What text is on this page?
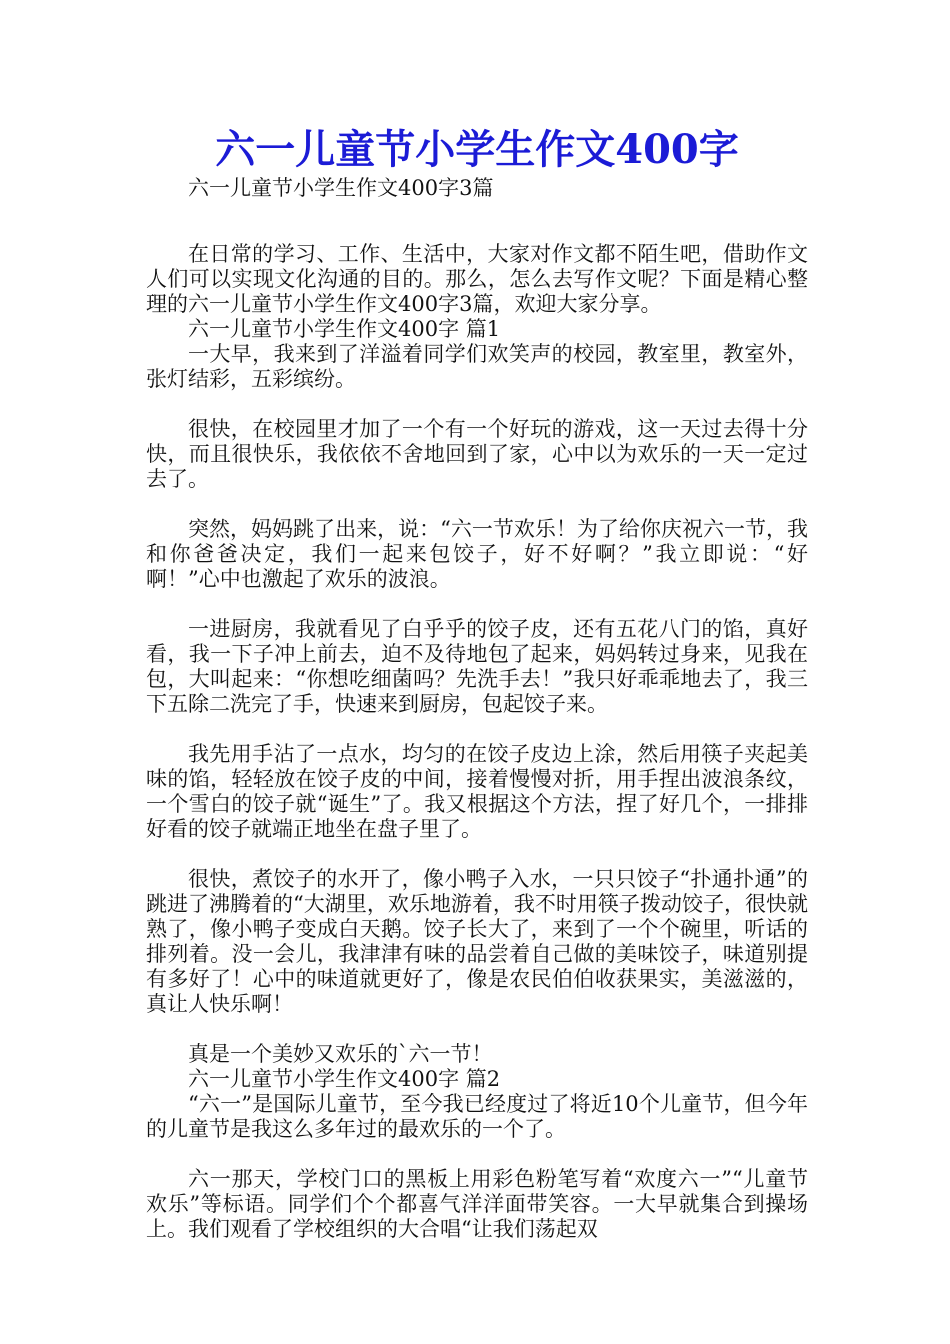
六一儿童节小学生作文400字

六一儿童节小学生作文400字3篇

在日常的学习、工作、生活中，大家对作文都不陌生吧，借助作文人们可以实现文化沟通的目的。那么，怎么去写作文呢？下面是精心整理的六一儿童节小学生作文400字3篇，欢迎大家分享。

六一儿童节小学生作文400字 篇1

一大早，我来到了洋溢着同学们欢笑声的校园，教室里，教室外，张灯结彩，五彩缤纷。

很快，在校园里才加了一个有一个好玩的游戏，这一天过去得十分快，而且很快乐，我依依不舍地回到了家，心中以为欢乐的一天一定过去了。

突然，妈妈跳了出来，说：“六一节欢乐！为了给你庆祝六一节，我和你爸爸决定，我们一起来包饺子，好不好啊？”我立即说：“好啊！”心中也激起了欢乐的波浪。

一进厨房，我就看见了白乎乎的饺子皮，还有五花八门的馅，真好看，我一下子冲上前去，迫不及待地包了起来，妈妈转过身来，见我在包，大叫起来：“你想吃细菌吗？先洗手去！”我只好乖乖地去了，我三下五除二洗完了手，快速来到厨房，包起饺子来。

我先用手沾了一点水，均匀的在饺子皮边上涂，然后用筷子夹起美味的馅，轻轻放在饺子皮的中间，接着慢慢对折，用手捏出波浪条纹，一个雪白的饺子就“诞生”了。我又根据这个方法，捏了好几个，一排排好看的饺子就端正地坐在盘子里了。

很快，煮饺子的水开了，像小鸭子入水，一只只饺子“扑通扑通”的跳进了沸腾着的“大湖里，欢乐地游着，我不时用筷子拨动饺子，很快就熟了，像小鸭子变成白天鹅。饺子长大了，来到了一个个碗里，听话的排列着。没一会儿，我津津有味的品尝着自己做的美味饺子，味道别提有多好了！心中的味道就更好了，像是农民伯伯收获果实，美滋滋的，真让人快乐啊！

真是一个美妙又欢乐的`六一节！

六一儿童节小学生作文400字 篇2

“六一”是国际儿童节，至今我已经度过了将近10个儿童节，但今年的儿童节是我这么多年过的最欢乐的一个了。

六一那天，学校门口的黑板上用彩色粉笔写着“欢度六一”“儿童节欢乐”等标语。同学们个个都喜气洋洋面带笑容。一大早就集合到操场上。我们观看了学校组织的大合唱“让我们荡起双
